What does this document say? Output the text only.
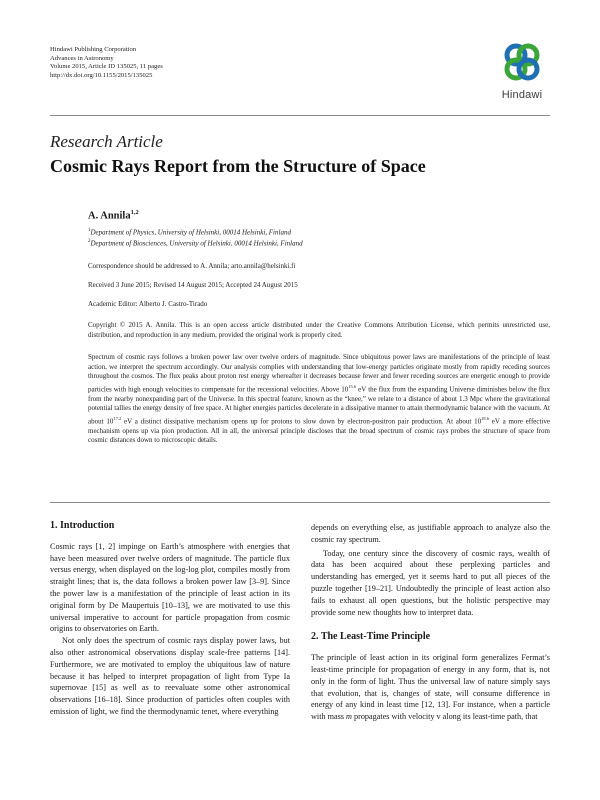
Hindawi Publishing Corporation
Advances in Astronomy
Volume 2015, Article ID 135025, 11 pages
http://dx.doi.org/10.1155/2015/135025
Hindawi
Research Article
Cosmic Rays Report from the Structure of Space
A. Annila$^{1,2}$
$^1$Department of Physics, University of Helsinki, 00014 Helsinki, Finland
$^2$Department of Biosciences, University of Helsinki, 00014 Helsinki, Finland
Correspondence should be addressed to A. Annila; arto.annila@helsinki.fi
Received 3 June 2015; Revised 14 August 2015; Accepted 24 August 2015
Academic Editor: Alberto J. Castro-Tirado
Copyright © 2015 A. Annila. This is an open access article distributed under the Creative Commons Attribution License, which permits unrestricted use, distribution, and reproduction in any medium, provided the original work is properly cited.
Spectrum of cosmic rays follows a broken power law over twelve orders of magnitude. Since ubiquitous power laws are manifestations of the principle of least action, we interpret the spectrum accordingly. Our analysis complies with understanding that low-energy particles originate mostly from rapidly receding sources throughout the cosmos. The flux peaks about proton rest energy whereafter it decreases because fewer and fewer receding sources are energetic enough to provide particles with high enough velocities to compensate for the recessional velocities. Above $10^{15.6}$ eV the flux from the expanding Universe diminishes below the flux from the nearby nonexpanding part of the Universe. In this spectral feature, known as the “knee,” we relate to a distance of about 1.3 Mpc where the gravitational potential tallies the energy density of free space. At higher energies particles decelerate in a dissipative manner to attain thermodynamic balance with the vacuum. At about $10^{17.2}$ eV a distinct dissipative mechanism opens up for protons to slow down by electron-positron pair production. At about $10^{18.6}$ eV a more effective mechanism opens up via pion production. All in all, the universal principle discloses that the broad spectrum of cosmic rays probes the structure of space from cosmic distances down to microscopic details.
1. Introduction

Cosmic rays [1, 2] impinge on Earth’s atmosphere with energies that have been measured over twelve orders of magnitude. The particle flux versus energy, when displayed on the log-log plot, compiles mostly from straight lines; that is, the data follows a broken power law [3–9]. Since the power law is a manifestation of the principle of least action in its original form by De Maupertuis [10–13], we are motivated to use this universal imperative to account for particle propagation from cosmic origins to observatories on Earth.

Not only does the spectrum of cosmic rays display power laws, but also other astronomical observations display scale-free patterns [14]. Furthermore, we are motivated to employ the ubiquitous law of nature because it has helped to interpret propagation of light from Type Ia supernovae [15] as well as to reevaluate some other astronomical observations [16–18]. Since production of particles often couples with emission of light, we find the thermodynamic tenet, where everything

depends on everything else, as justifiable approach to analyze also the cosmic ray spectrum.

Today, one century since the discovery of cosmic rays, wealth of data has been acquired about these perplexing particles and understanding has emerged, yet it seems hard to put all pieces of the puzzle together [19–21]. Undoubtedly the principle of least action also fails to exhaust all open questions, but the holistic perspective may provide some new thoughts how to interpret data.

2. The Least-Time Principle

The principle of least action in its original form generalizes Fermat’s least-time principle for propagation of energy in any form, that is, not only in the form of light. Thus the universal law of nature simply says that evolution, that is, changes of state, will consume difference in energy of any kind in least time [12, 13]. For instance, when a particle with mass m propagates with velocity v along its least-time path, that
